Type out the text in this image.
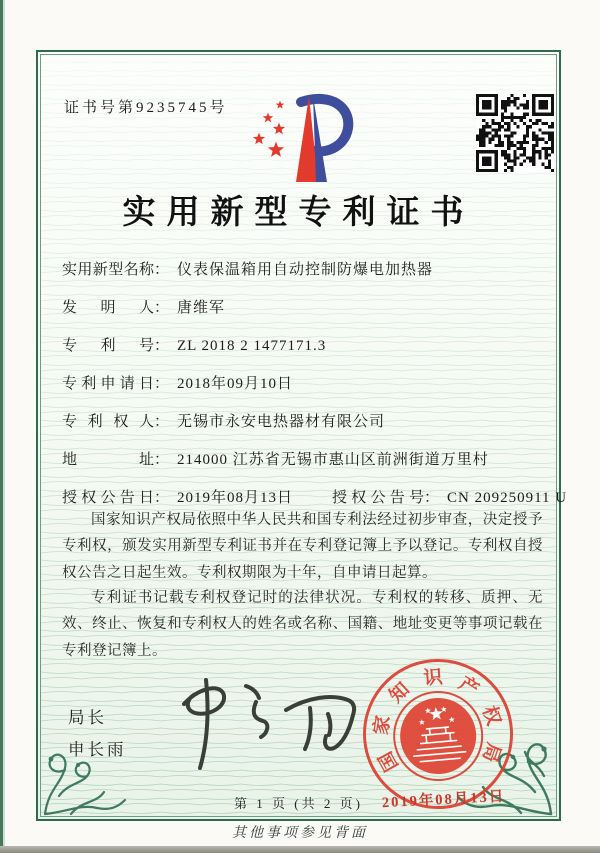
证书号第9235745号
实用新型专利证书
实用新型名称： 仪表保温箱用自动控制防爆电加热器
发明人： 唐维军
专利号： ZL 2018 2 1477171.3
专利申请日： 2018年09月10日
专利权人： 无锡市永安电热器材有限公司
地址： 214000 江苏省无锡市惠山区前洲街道万里村
授权公告日： 2019年08月13日	授权公告号： CN 209250911 U

国家知识产权局依照中华人民共和国专利法经过初步审查，决定授予专利权，颁发实用新型专利证书并在专利登记簿上予以登记。专利权自授权公告之日起生效。专利权期限为十年，自申请日起算。

专利证书记载专利权登记时的法律状况。专利权的转移、质押、无效、终止、恢复和专利权人的姓名或名称、国籍、地址变更等事项记载在专利登记簿上。

局长
申长雨	国
家
知
识 产
权
局
2019年08月13日
第 1 页 (共 2 页)
其他事项参见背面
